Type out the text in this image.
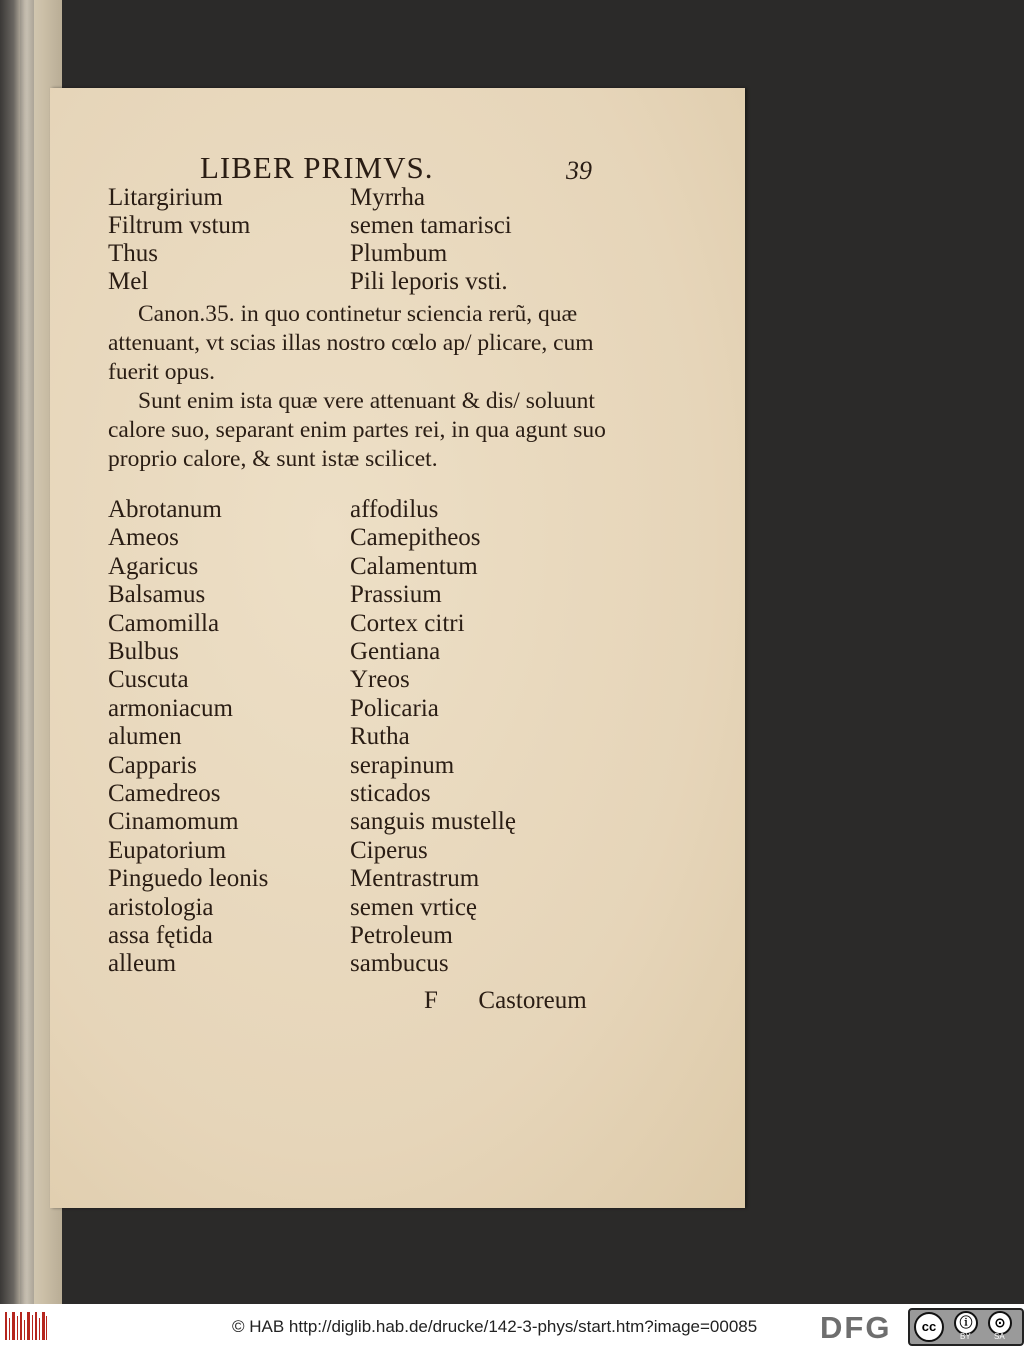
LIBER PRIMVS.	39
Litargirium	Myrrha
Filtrum vstum	semen tamarisci
Thus	Plumbum
Mel	Pili leporis vsti.
Canon.35. in quo continetur sciencia rerũ, quæ attenuant, vt scias illas nostro cœlo ap/ plicare, cum fuerit opus.
Sunt enim ista quæ vere attenuant & dis/ soluunt calore suo, separant enim partes rei, in qua agunt suo proprio calore, & sunt istæ scilicet.
Abrotanum	affodilus
Ameos	Camepitheos
Agaricus	Calamentum
Balsamus	Prassium
Camomilla	Cortex citri
Bulbus	Gentiana
Cuscuta	Yreos
armoniacum	Policaria
alumen	Rutha
Capparis	serapinum
Camedreos	sticados
Cinamomum	sanguis mustellę
Eupatorium	Ciperus
Pinguedo leonis	Mentrastrum
aristologia	semen vrticę
assa fętida	Petroleum
alleum	sambucus
F Castoreum
© HAB http://diglib.hab.de/drucke/142-3-phys/start.htm?image=00085 DFG	cc	ⓘ	⊙
BY	SA
